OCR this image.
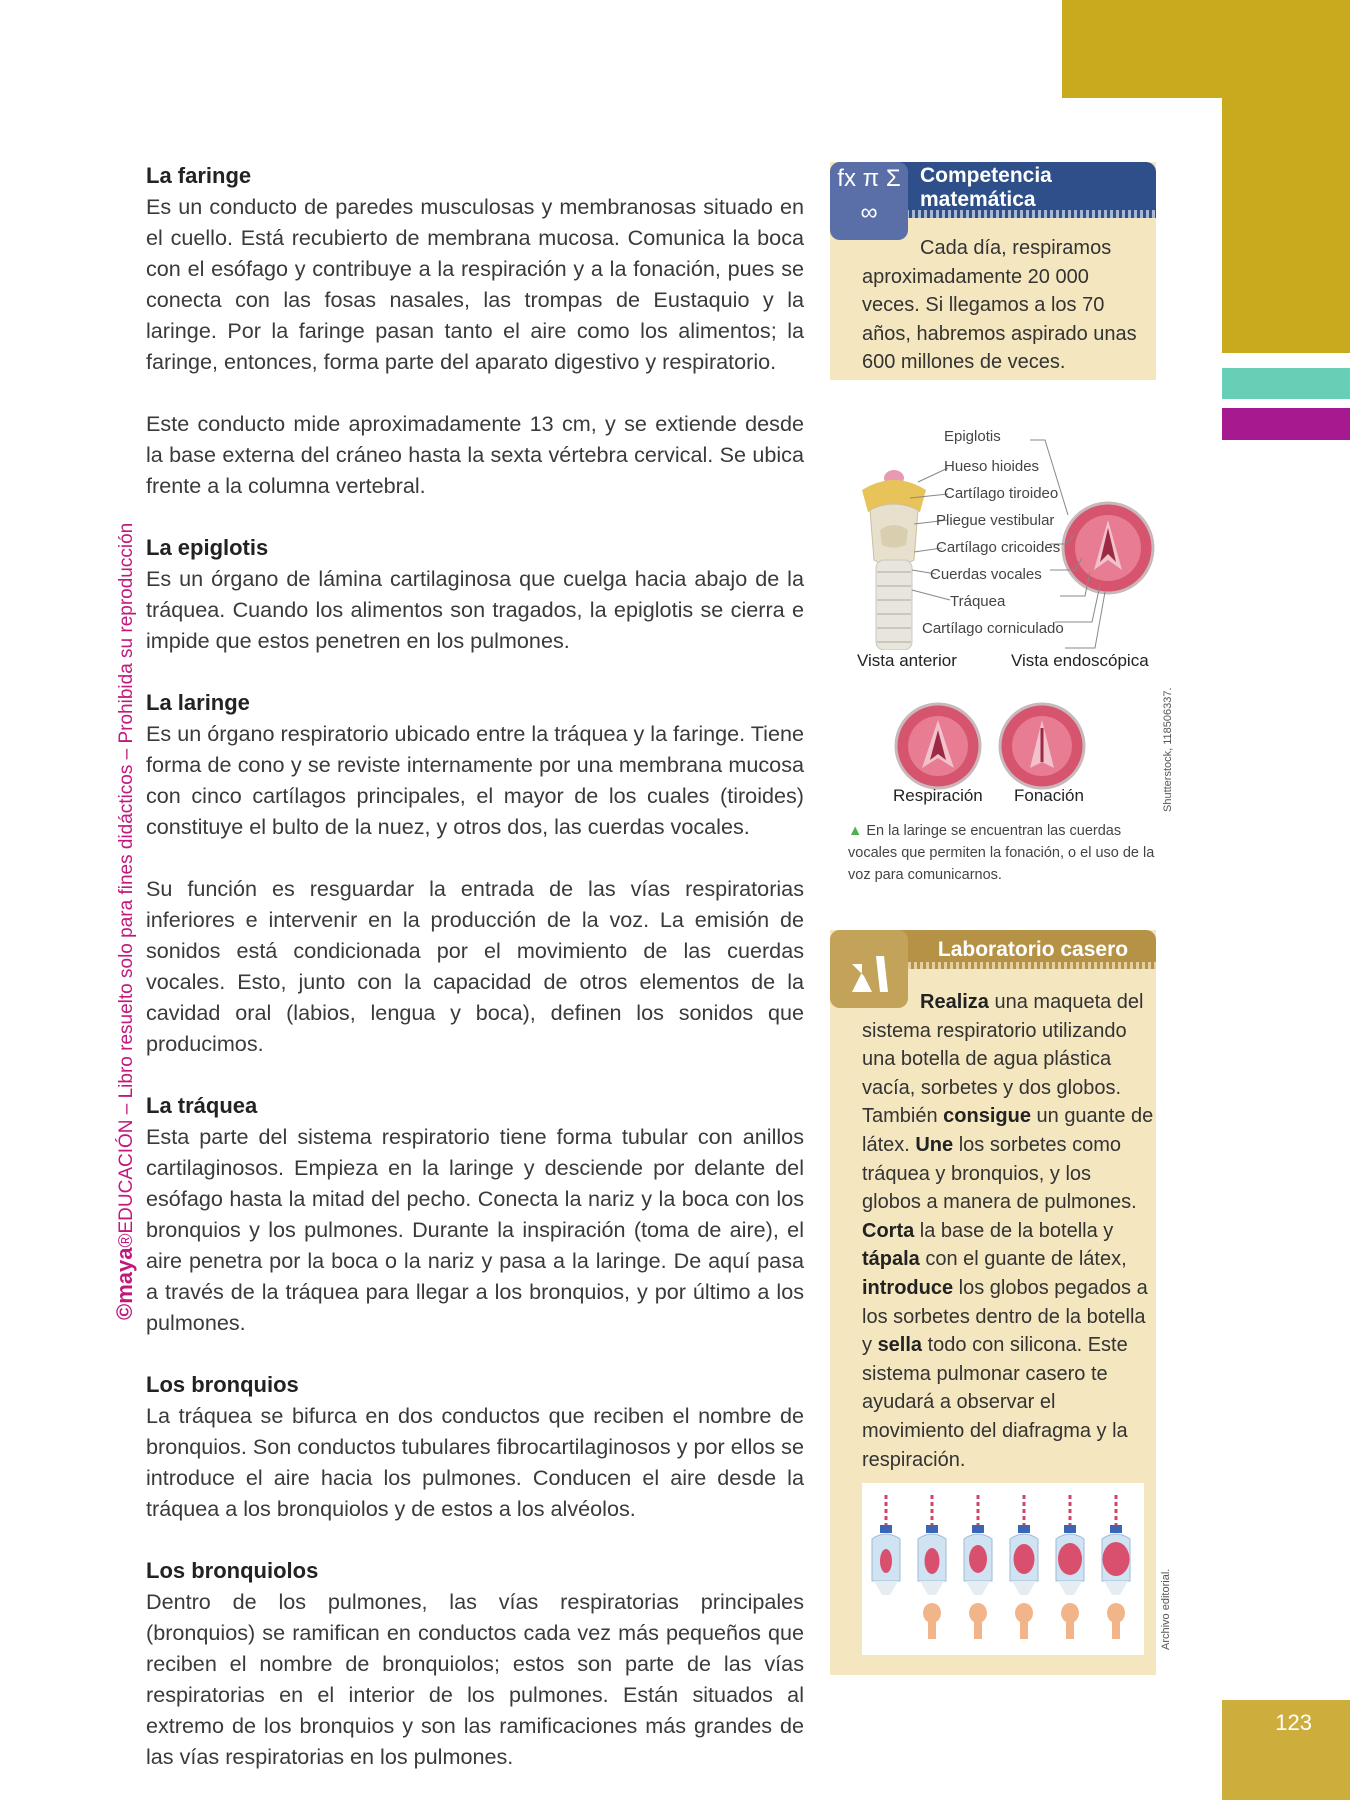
123
©maya®EDUCACIÓN – Libro resuelto solo para fines didácticos – Prohibida su reproducción
La faringe

Es un conducto de paredes musculosas y membranosas situado en el cuello. Está recubierto de membrana mucosa. Comunica la boca con el esófago y contribuye a la respiración y a la fonación, pues se conecta con las fosas nasales, las trompas de Eustaquio y la laringe. Por la faringe pasan tanto el aire como los alimentos; la faringe, entonces, forma parte del aparato digestivo y respiratorio.

Este conducto mide aproximadamente 13 cm, y se extiende desde la base externa del cráneo hasta la sexta vértebra cervical. Se ubica frente a la columna vertebral.

La epiglotis

Es un órgano de lámina cartilaginosa que cuelga hacia abajo de la tráquea. Cuando los alimentos son tragados, la epiglotis se cierra e impide que estos penetren en los pulmones.

La laringe

Es un órgano respiratorio ubicado entre la tráquea y la faringe. Tiene forma de cono y se reviste internamente por una membrana mucosa con cinco cartílagos principales, el mayor de los cuales (tiroides) constituye el bulto de la nuez, y otros dos, las cuerdas vocales.

Su función es resguardar la entrada de las vías respiratorias inferiores e intervenir en la producción de la voz. La emisión de sonidos está condicionada por el movimiento de las cuerdas vocales. Esto, junto con la capacidad de otros elementos de la cavidad oral (labios, lengua y boca), definen los sonidos que producimos.

La tráquea

Esta parte del sistema respiratorio tiene forma tubular con anillos cartilaginosos. Empieza en la laringe y desciende por delante del esófago hasta la mitad del pecho. Conecta la nariz y la boca con los bronquios y los pulmones. Durante la inspiración (toma de aire), el aire penetra por la boca o la nariz y pasa a la laringe. De aquí pasa a través de la tráquea para llegar a los bronquios, y por último a los pulmones.

Los bronquios

La tráquea se bifurca en dos conductos que reciben el nombre de bronquios. Son conductos tubulares fibrocartilaginosos y por ellos se introduce el aire hacia los pulmones. Conducen el aire desde la tráquea a los bronquiolos y de estos a los alvéolos.

Los bronquiolos

Dentro de los pulmones, las vías respiratorias principales (bronquios) se ramifican en conductos cada vez más pequeños que reciben el nombre de bronquiolos; estos son parte de las vías respiratorias en el interior de los pulmones. Están situados al extremo de los bronquios y son las ramificaciones más grandes de las vías respiratorias en los pulmones.

fx π Σ ∞
Competencia matemática
Cada día, respiramos aproximadamente 20 000 veces. Si llegamos a los 70 años, habremos aspirado unas 600 millones de veces.
Epiglotis
Hueso hioides
Cartílago tiroideo
Pliegue vestibular
Cartílago cricoides
Cuerdas vocales
Tráquea
Cartílago corniculado
Vista anterior	Vista endoscópica
Respiración Fonación	Shutterstock, 118506337.
▲ En la laringe se encuentran las cuerdas vocales que permiten la fonación, o el uso de la voz para comunicarnos.
Laboratorio casero
Realiza una maqueta del sistema respiratorio utilizando una botella de agua plástica vacía, sorbetes y dos globos. También consigue un guante de látex. Une los sorbetes como tráquea y bronquios, y los globos a manera de pulmones. Corta la base de la botella y tápala con el guante de látex, introduce los globos pegados a los sorbetes dentro de la botella y sella todo con silicona. Este sistema pulmonar casero te ayudará a observar el movimiento del diafragma y la respiración.
Archivo editorial.
